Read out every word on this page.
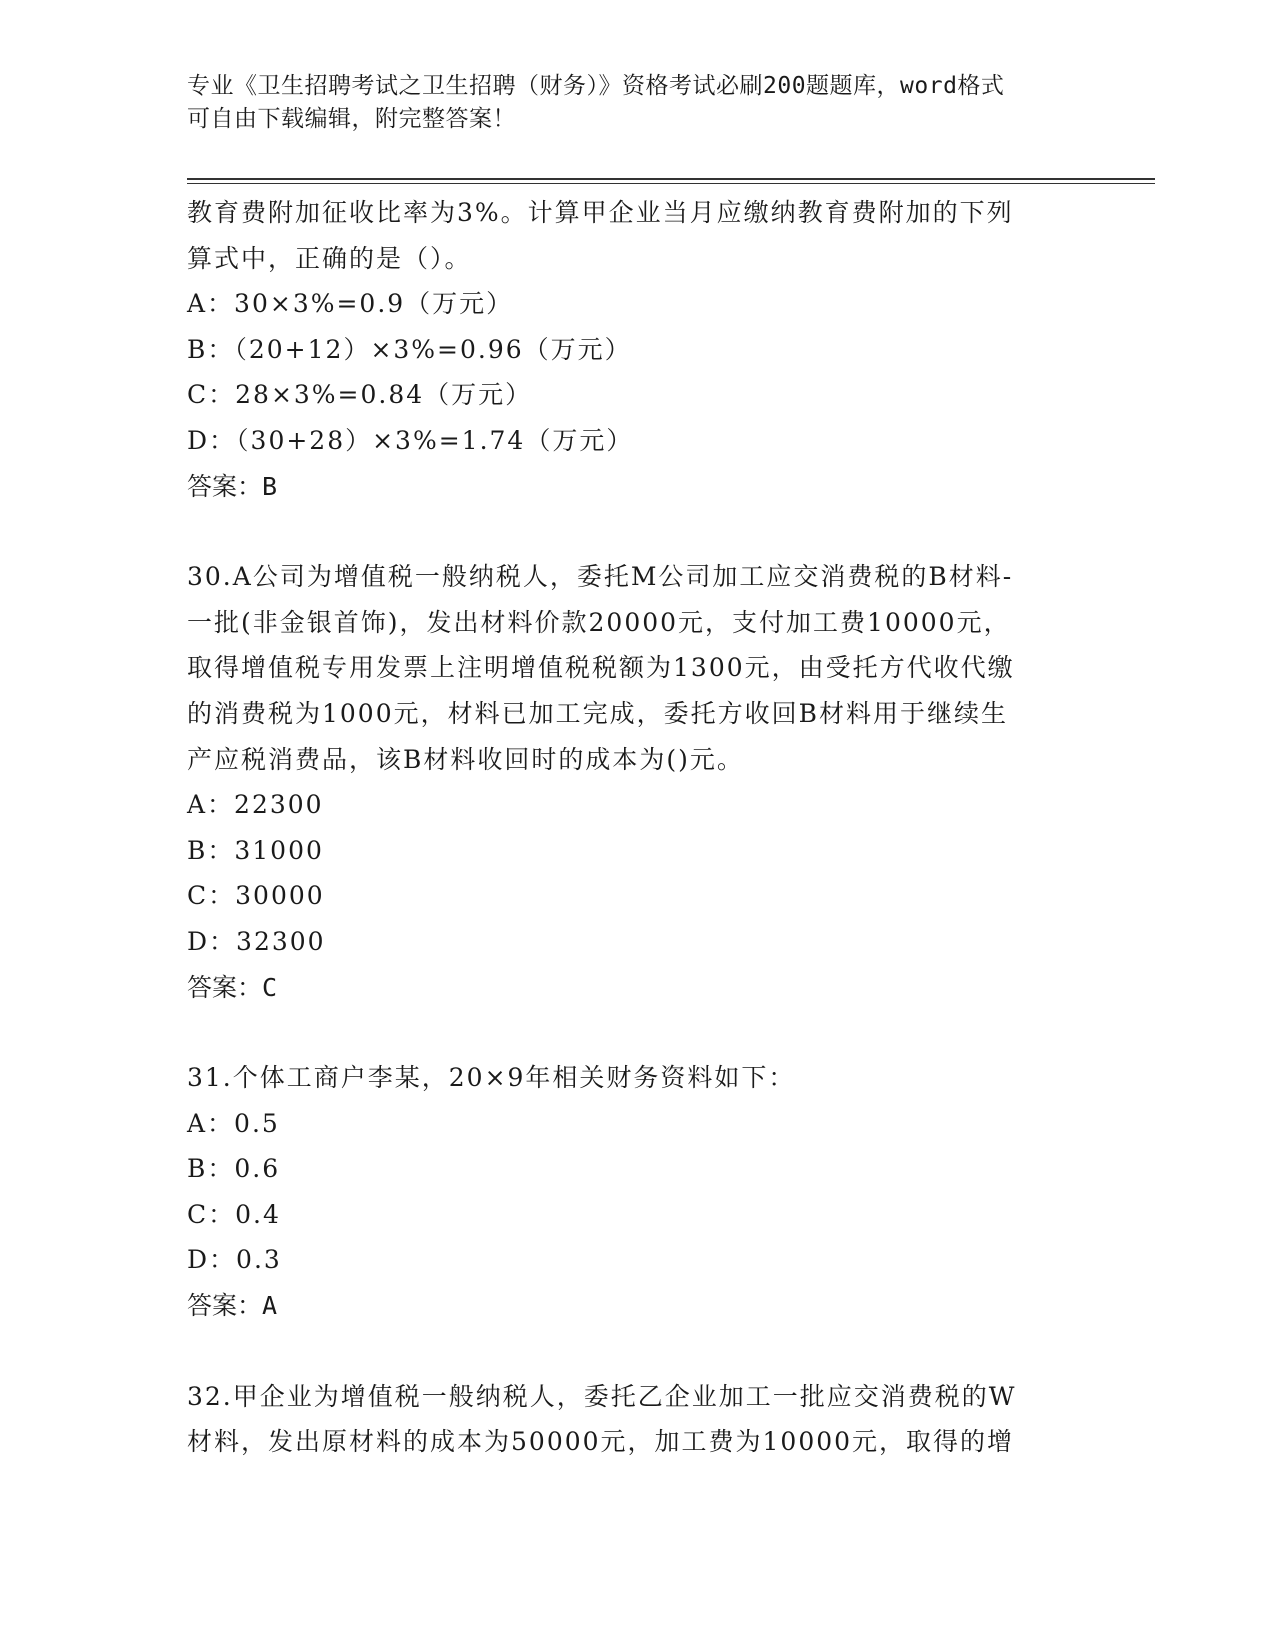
专业《卫生招聘考试之卫生招聘（财务）》资格考试必刷200题题库，word格式
可自由下载编辑，附完整答案！
教育费附加征收比率为3%。计算甲企业当月应缴纳教育费附加的下列
算式中，正确的是（）。
A：30×3%=0.9（万元）
B：（20+12）×3%=0.96（万元）
C：28×3%=0.84（万元）
D：（30+28）×3%=1.74（万元）
答案：B
30.A公司为增值税一般纳税人，委托M公司加工应交消费税的B材料-
一批(非金银首饰)，发出材料价款20000元，支付加工费10000元，
取得增值税专用发票上注明增值税税额为1300元，由受托方代收代缴
的消费税为1000元，材料已加工完成，委托方收回B材料用于继续生
产应税消费品，该B材料收回时的成本为()元。
A：22300
B：31000
C：30000
D：32300
答案：C
31.个体工商户李某，20×9年相关财务资料如下：
A：0.5
B：0.6
C：0.4
D：0.3
答案：A
32.甲企业为增值税一般纳税人，委托乙企业加工一批应交消费税的W
材料，发出原材料的成本为50000元，加工费为10000元，取得的增
